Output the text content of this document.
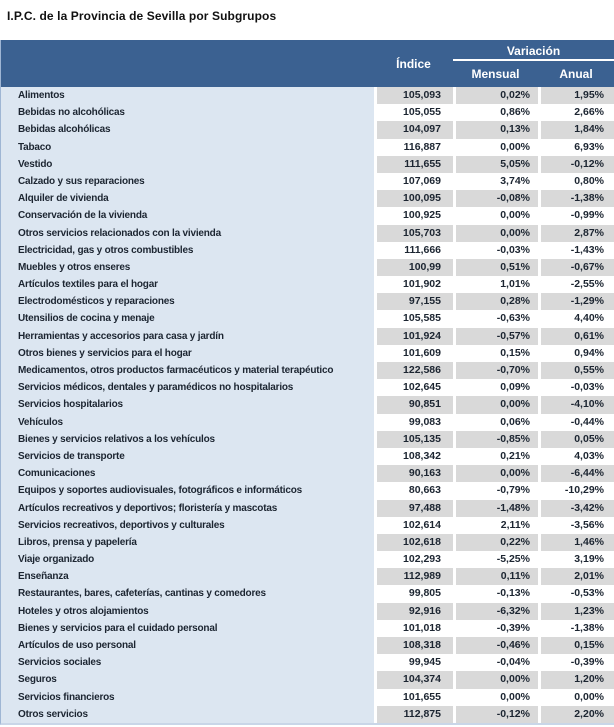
I.P.C. de la Provincia de Sevilla por Subgrupos
Índice
Variación
Mensual	Anual
Alimentos	105,093	0,02%	1,95%
Bebidas no alcohólicas	105,055	0,86%	2,66%
Bebidas alcohólicas	104,097	0,13%	1,84%
Tabaco	116,887	0,00%	6,93%
Vestido	111,655	5,05%	-0,12%
Calzado y sus reparaciones	107,069	3,74%	0,80%
Alquiler de vivienda	100,095	-0,08%	-1,38%
Conservación de la vivienda	100,925	0,00%	-0,99%
Otros servicios relacionados con la vivienda	105,703	0,00%	2,87%
Electricidad, gas y otros combustibles	111,666	-0,03%	-1,43%
Muebles y otros enseres	100,99	0,51%	-0,67%
Artículos textiles para el hogar	101,902	1,01%	-2,55%
Electrodomésticos y reparaciones	97,155	0,28%	-1,29%
Utensilios de cocina y menaje	105,585	-0,63%	4,40%
Herramientas y accesorios para casa y jardín	101,924	-0,57%	0,61%
Otros bienes y servicios para el hogar	101,609	0,15%	0,94%
Medicamentos, otros productos farmacéuticos y material terapéutico	122,586	-0,70%	0,55%
Servicios médicos, dentales y paramédicos no hospitalarios	102,645	0,09%	-0,03%
Servicios hospitalarios	90,851	0,00%	-4,10%
Vehículos	99,083	0,06%	-0,44%
Bienes y servicios relativos a los vehículos	105,135	-0,85%	0,05%
Servicios de transporte	108,342	0,21%	4,03%
Comunicaciones	90,163	0,00%	-6,44%
Equipos y soportes audiovisuales, fotográficos e informáticos	80,663	-0,79%	-10,29%
Artículos recreativos y deportivos; floristería y mascotas	97,488	-1,48%	-3,42%
Servicios recreativos, deportivos y culturales	102,614	2,11%	-3,56%
Libros, prensa y papelería	102,618	0,22%	1,46%
Viaje organizado	102,293	-5,25%	3,19%
Enseñanza	112,989	0,11%	2,01%
Restaurantes, bares, cafeterías, cantinas y comedores	99,805	-0,13%	-0,53%
Hoteles y otros alojamientos	92,916	-6,32%	1,23%
Bienes y servicios para el cuidado personal	101,018	-0,39%	-1,38%
Artículos de uso personal	108,318	-0,46%	0,15%
Servicios sociales	99,945	-0,04%	-0,39%
Seguros	104,374	0,00%	1,20%
Servicios financieros	101,655	0,00%	0,00%
Otros servicios	112,875	-0,12%	2,20%
